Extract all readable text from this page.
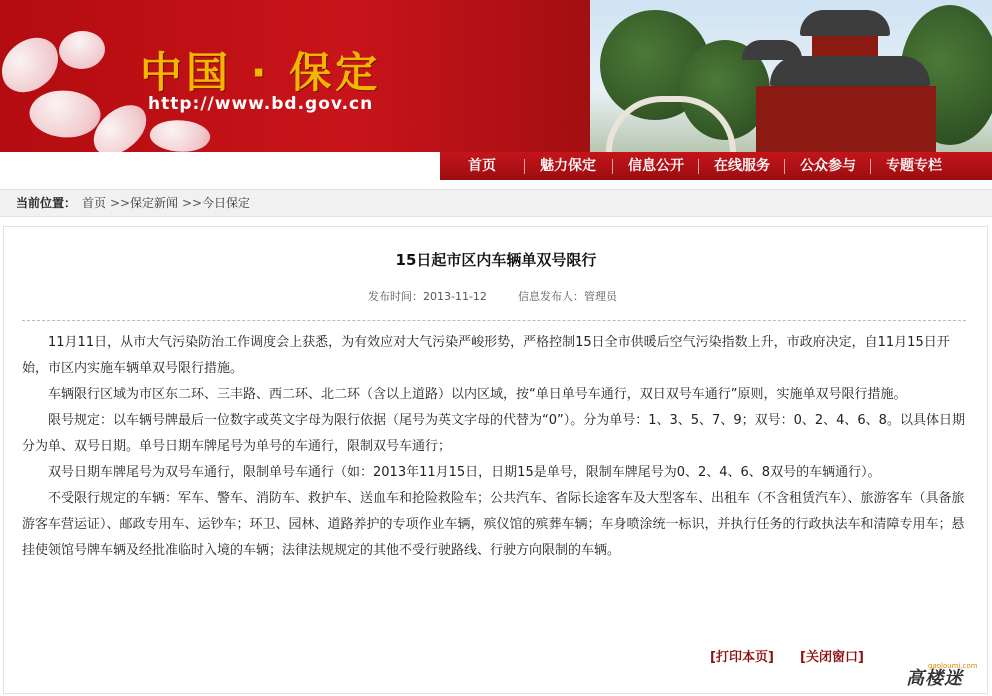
中国 · 保定
http://www.bd.gov.cn
首页	魅力保定	信息公开	在线服务	公众参与	专题专栏
当前位置： 首页 >> 保定新闻 >> 今日保定
15日起市区内车辆单双号限行
发布时间：2013-11-12	信息发布人：管理员

11月11日，从市大气污染防治工作调度会上获悉，为有效应对大气污染严峻形势，严格控制15日全市供暖后空气污染指数上升，市政府决定，自11月15日开始，市区内实施车辆单双号限行措施。

车辆限行区域为市区东二环、三丰路、西二环、北二环（含以上道路）以内区域，按“单日单号车通行，双日双号车通行”原则，实施单双号限行措施。

限号规定：以车辆号牌最后一位数字或英文字母为限行依据（尾号为英文字母的代替为“0”）。分为单号：1、3、5、7、9；双号：0、2、4、6、8。以具体日期分为单、双号日期。单号日期车牌尾号为单号的车通行，限制双号车通行；

双号日期车牌尾号为双号车通行，限制单号车通行（如：2013年11月15日，日期15是单号，限制车牌尾号为0、2、4、6、8双号的车辆通行）。

不受限行规定的车辆：军车、警车、消防车、救护车、送血车和抢险救险车；公共汽车、省际长途客车及大型客车、出租车（不含租赁汽车）、旅游客车（具备旅游客车营运证）、邮政专用车、运钞车；环卫、园林、道路养护的专项作业车辆，殡仪馆的殡葬车辆；车身喷涂统一标识，并执行任务的行政执法车和清障专用车；悬挂使领馆号牌车辆及经批准临时入境的车辆；法律法规规定的其他不受行驶路线、行驶方向限制的车辆。

[打印本页] [关闭窗口]
gaoloumi.com
高楼迷
